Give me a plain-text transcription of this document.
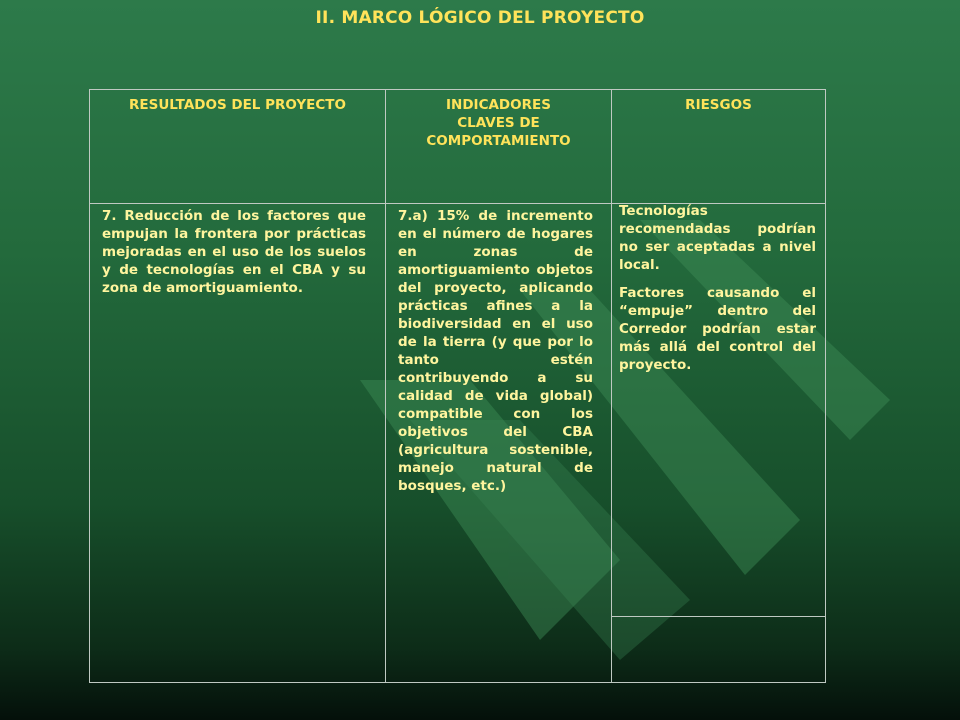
II. MARCO LÓGICO DEL PROYECTO
RESULTADOS DEL PROYECTO	INDICADORES CLAVES DE COMPORTAMIENTO
RIESGOS
7. Reducción de los factores que empujan la frontera por prácticas mejoradas en el uso de los suelos y de tecnologías en el CBA y su zona de amortiguamiento.
7.a) 15% de incremento en el número de hogares en zonas de amortiguamiento objetos del proyecto, aplicando prácticas afines a la biodiversidad en el uso de la tierra (y que por lo tanto estén contribuyendo a su calidad de vida global) compatible con los objetivos del CBA (agricultura sostenible, manejo natural de bosques, etc.)

Tecnologías recomendadas podrían no ser aceptadas a nivel local.

Factores causando el “empuje” dentro del Corredor podrían estar más allá del control del proyecto.
